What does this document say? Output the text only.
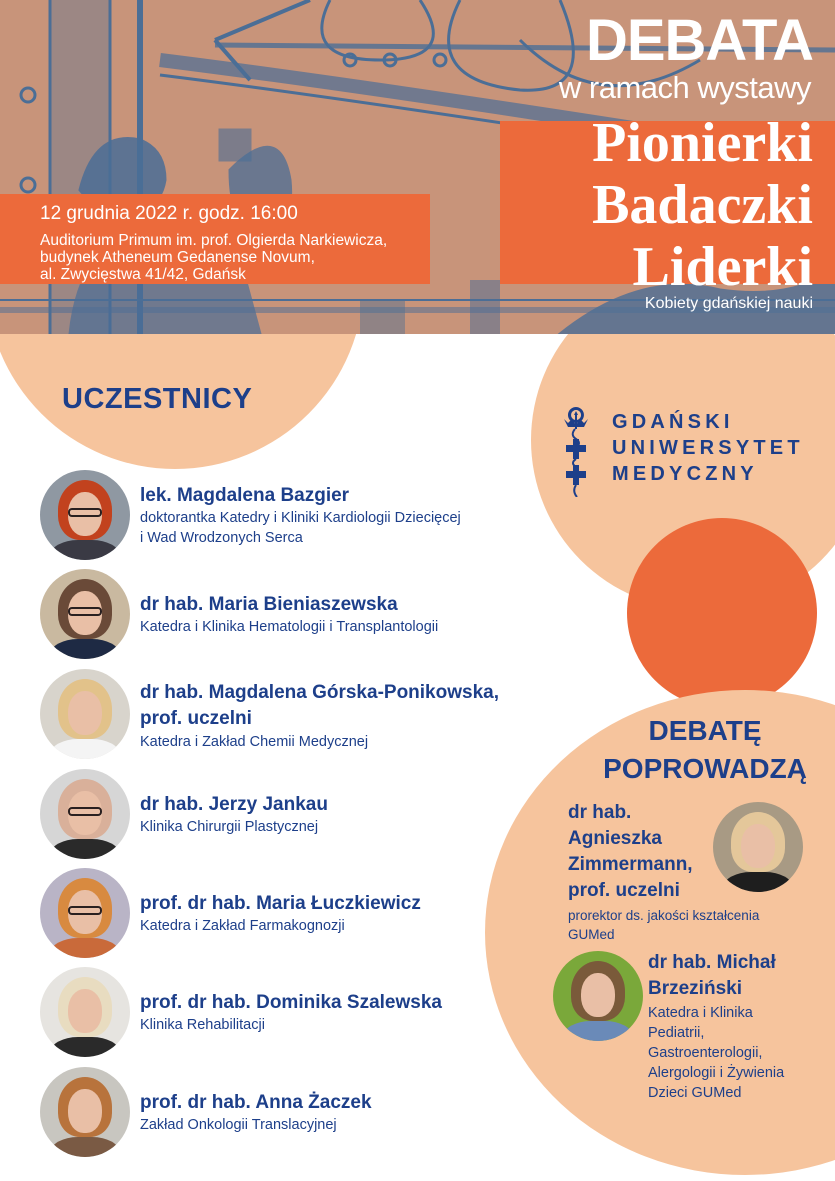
DEBATA
w ramach wystawy
Pionierki
Badaczki
Liderki
Kobiety gdańskiej nauki
12 grudnia 2022 r. godz. 16:00
Auditorium Primum im. prof. Olgierda Narkiewicza,
budynek Atheneum Gedanense Novum,
al. Zwycięstwa 41/42, Gdańsk
UCZESTNICY
GDAŃSKI
UNIWERSYTET
MEDYCZNY
lek. Magdalena Bazgier
doktorantka Katedry i Kliniki Kardiologii Dziecięcej
i Wad Wrodzonych Serca
dr hab. Maria Bieniaszewska
Katedra i Klinika Hematologii i Transplantologii
dr hab. Magdalena Górska-Ponikowska,
prof. uczelni
Katedra i Zakład Chemii Medycznej
dr hab. Jerzy Jankau
Klinika Chirurgii Plastycznej
prof. dr hab. Maria Łuczkiewicz
Katedra i Zakład Farmakognozji
prof. dr hab. Dominika Szalewska
Klinika Rehabilitacji
prof. dr hab. Anna Żaczek
Zakład Onkologii Translacyjnej
DEBATĘ
POPROWADZĄ
dr hab.
Agnieszka
Zimmermann,
prof. uczelni
prorektor ds. jakości kształcenia
GUMed
dr hab. Michał
Brzeziński
Katedra i Klinika
Pediatrii,
Gastroenterologii,
Alergologii i Żywienia
Dzieci GUMed
